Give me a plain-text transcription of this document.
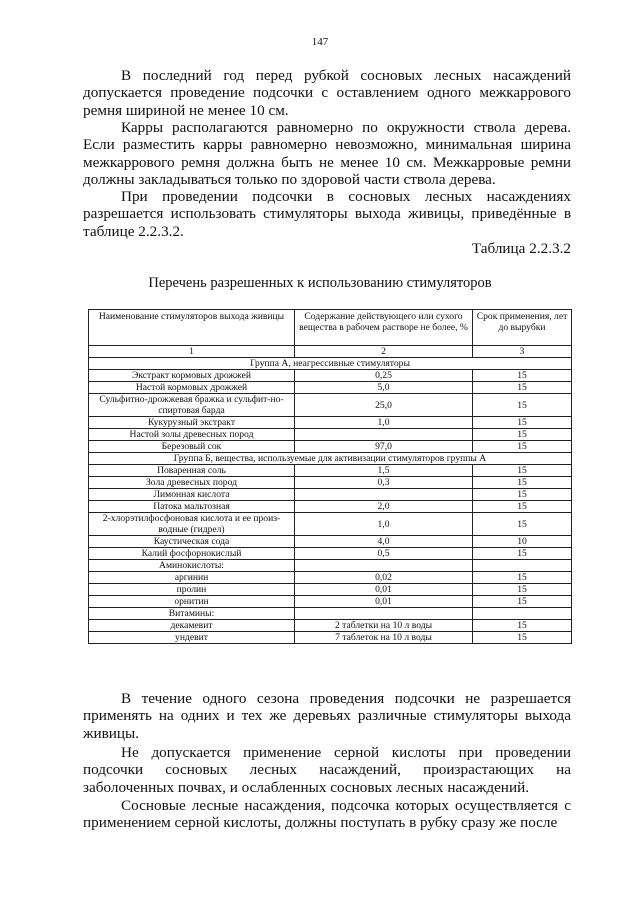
147

В последний год перед рубкой сосновых лесных насаждений допускается проведение подсочки с оставлением одного межкаррового ремня шириной не менее 10 см.

Карры располагаются равномерно по окружности ствола дерева. Если разместить карры равномерно невозможно, минимальная ширина межкаррового ремня должна быть не менее 10 см. Межкарровые ремни должны закладываться только по здоровой части ствола дерева.

При проведении подсочки в сосновых лесных насаждениях разрешается использовать стимуляторы выхода живицы, приведённые в таблице 2.2.3.2.

Таблица 2.2.3.2
Перечень разрешенных к использованию стимуляторов
Наименование стимуляторов выхода живицы	Содержание действующего или сухого вещества в рабочем растворе не более, %	Срок применения, лет до вырубки
1	2	3
Группа А, неагрессивные стимуляторы		
Экстракт кормовых дрожжей	0,25	15
Настой кормовых дрожжей	5,0	15
Сульфитно-дрожжевая бражка и сульфит-но-спиртовая барда	25,0	15
Кукурузный экстракт	1,0	15
Настой золы древесных пород		15
Березовый сок	97,0	15
Группа Б, вещества, используемые для активизации стимуляторов группы А		
Поваренная соль	1,5	15
Зола древесных пород	0,3	15
Лимонная кислота		15
Патока мальтозная	2,0	15
2-хлорэтилфосфоновая кислота и ее произ-водные (гидрел)	1,0	15
Каустическая сода	4,0	10
Калий фосфорнокислый	0,5	15
Аминокислоты:		
аргинин	0,02	15
пролин	0,01	15
орнитин	0,01	15
Витамины:		
декамевит	2 таблетки на 10 л воды	15
ундевит	7 таблеток на 10 л воды	15

В течение одного сезона проведения подсочки не разрешается применять на одних и тех же деревьях различные стимуляторы выхода живицы.

Не допускается применение серной кислоты при проведении подсочки сосновых лесных насаждений, произрастающих на заболоченных почвах, и ослабленных сосновых лесных насаждений.

Сосновые лесные насаждения, подсочка которых осуществляется с применением серной кислоты, должны поступать в рубку сразу же после
